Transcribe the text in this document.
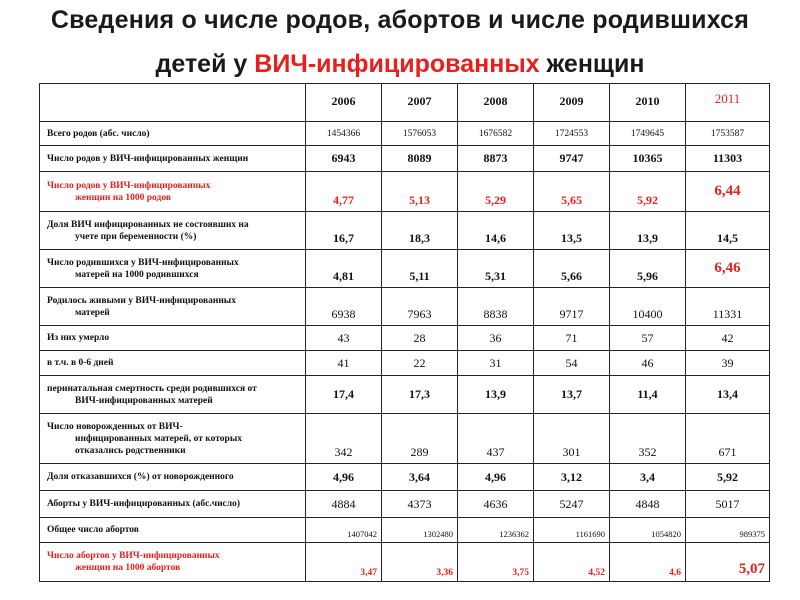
Сведения о числе родов, абортов и числе родившихся
детей у ВИЧ-инфицированных женщин
	2006	2007	2008	2009	2010	2011
Всего родов (абс. число)	1454366	1576053	1676582	1724553	1749645	1753587
Число родов у ВИЧ-инфицированных женщин	6943	8089	8873	9747	10365	11303
Число родов у ВИЧ-инфицированных
женщин на 1000 родов	4,77	5,13	5,29	5,65	5,92	6,44
Доля ВИЧ инфицированных не состоявших на
учете при беременности (%)	16,7	18,3	14,6	13,5	13,9	14,5
Число родившихся у ВИЧ-инфицированных
матерей на 1000 родившихся	4,81	5,11	5,31	5,66	5,96	6,46
Родилось живыми у ВИЧ-инфицированных
матерей	6938	7963	8838	9717	10400	11331
Из них умерло	43	28	36	71	57	42
в т.ч. в 0-6 дней	41	22	31	54	46	39
перинатальная смертность среди родившихся от
ВИЧ-инфицированных матерей	17,4	17,3	13,9	13,7	11,4	13,4
Число новорожденных от ВИЧ-
инфицированных матерей, от которых
отказались родственники	342	289	437	301	352	671
Доля отказавшихся (%) от новорожденного	4,96	3,64	4,96	3,12	3,4	5,92
Аборты у ВИЧ-инфицированных (абс.число)	4884	4373	4636	5247	4848	5017
Общее число абортов	1407042	1302480	1236362	1161690	1054820	989375
Число абортов у ВИЧ-инфицированных
женщин на 1000 абортов	3,47	3,36	3,75	4,52	4,6	5,07
